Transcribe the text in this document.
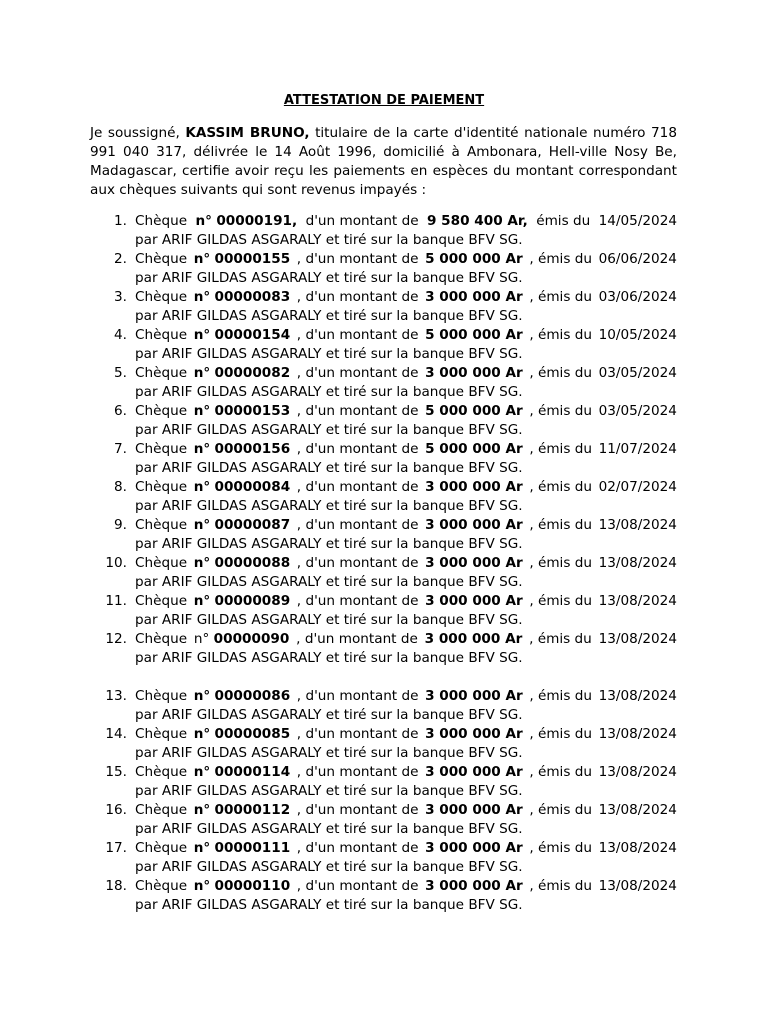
ATTESTATION DE PAIEMENT
Je soussigné, KASSIM BRUNO, titulaire de la carte d'identité nationale numéro 718 991 040 317, délivrée le 14 Août 1996, domicilié à Ambonara, Hell-ville Nosy Be, Madagascar, certifie avoir reçu les paiements en espèces du montant correspondant aux chèques suivants qui sont revenus impayés :
1. Chèque n° 00000191, d'un montant de 9 580 400 Ar, émis du 14/05/2024
par ARIF GILDAS ASGARALY et tiré sur la banque BFV SG.
2. Chèque n° 00000155 , d'un montant de 5 000 000 Ar , émis du 06/06/2024
par ARIF GILDAS ASGARALY et tiré sur la banque BFV SG.
3. Chèque n° 00000083 , d'un montant de 3 000 000 Ar , émis du 03/06/2024
par ARIF GILDAS ASGARALY et tiré sur la banque BFV SG.
4. Chèque n° 00000154 , d'un montant de 5 000 000 Ar , émis du 10/05/2024
par ARIF GILDAS ASGARALY et tiré sur la banque BFV SG.
5. Chèque n° 00000082 , d'un montant de 3 000 000 Ar , émis du 03/05/2024
par ARIF GILDAS ASGARALY et tiré sur la banque BFV SG.
6. Chèque n° 00000153 , d'un montant de 5 000 000 Ar , émis du 03/05/2024
par ARIF GILDAS ASGARALY et tiré sur la banque BFV SG.
7. Chèque n° 00000156 , d'un montant de 5 000 000 Ar , émis du 11/07/2024
par ARIF GILDAS ASGARALY et tiré sur la banque BFV SG.
8. Chèque n° 00000084 , d'un montant de 3 000 000 Ar , émis du 02/07/2024
par ARIF GILDAS ASGARALY et tiré sur la banque BFV SG.
9. Chèque n° 00000087 , d'un montant de 3 000 000 Ar , émis du 13/08/2024
par ARIF GILDAS ASGARALY et tiré sur la banque BFV SG.
10. Chèque n° 00000088 , d'un montant de 3 000 000 Ar , émis du 13/08/2024
par ARIF GILDAS ASGARALY et tiré sur la banque BFV SG.
11. Chèque n° 00000089 , d'un montant de 3 000 000 Ar , émis du 13/08/2024
par ARIF GILDAS ASGARALY et tiré sur la banque BFV SG.
12. Chèque n° 00000090 , d'un montant de 3 000 000 Ar , émis du 13/08/2024
par ARIF GILDAS ASGARALY et tiré sur la banque BFV SG.
13. Chèque n° 00000086 , d'un montant de 3 000 000 Ar , émis du 13/08/2024
par ARIF GILDAS ASGARALY et tiré sur la banque BFV SG.
14. Chèque n° 00000085 , d'un montant de 3 000 000 Ar , émis du 13/08/2024
par ARIF GILDAS ASGARALY et tiré sur la banque BFV SG.
15. Chèque n° 00000114 , d'un montant de 3 000 000 Ar , émis du 13/08/2024
par ARIF GILDAS ASGARALY et tiré sur la banque BFV SG.
16. Chèque n° 00000112 , d'un montant de 3 000 000 Ar , émis du 13/08/2024
par ARIF GILDAS ASGARALY et tiré sur la banque BFV SG.
17. Chèque n° 00000111 , d'un montant de 3 000 000 Ar , émis du 13/08/2024
par ARIF GILDAS ASGARALY et tiré sur la banque BFV SG.
18. Chèque n° 00000110 , d'un montant de 3 000 000 Ar , émis du 13/08/2024
par ARIF GILDAS ASGARALY et tiré sur la banque BFV SG.
